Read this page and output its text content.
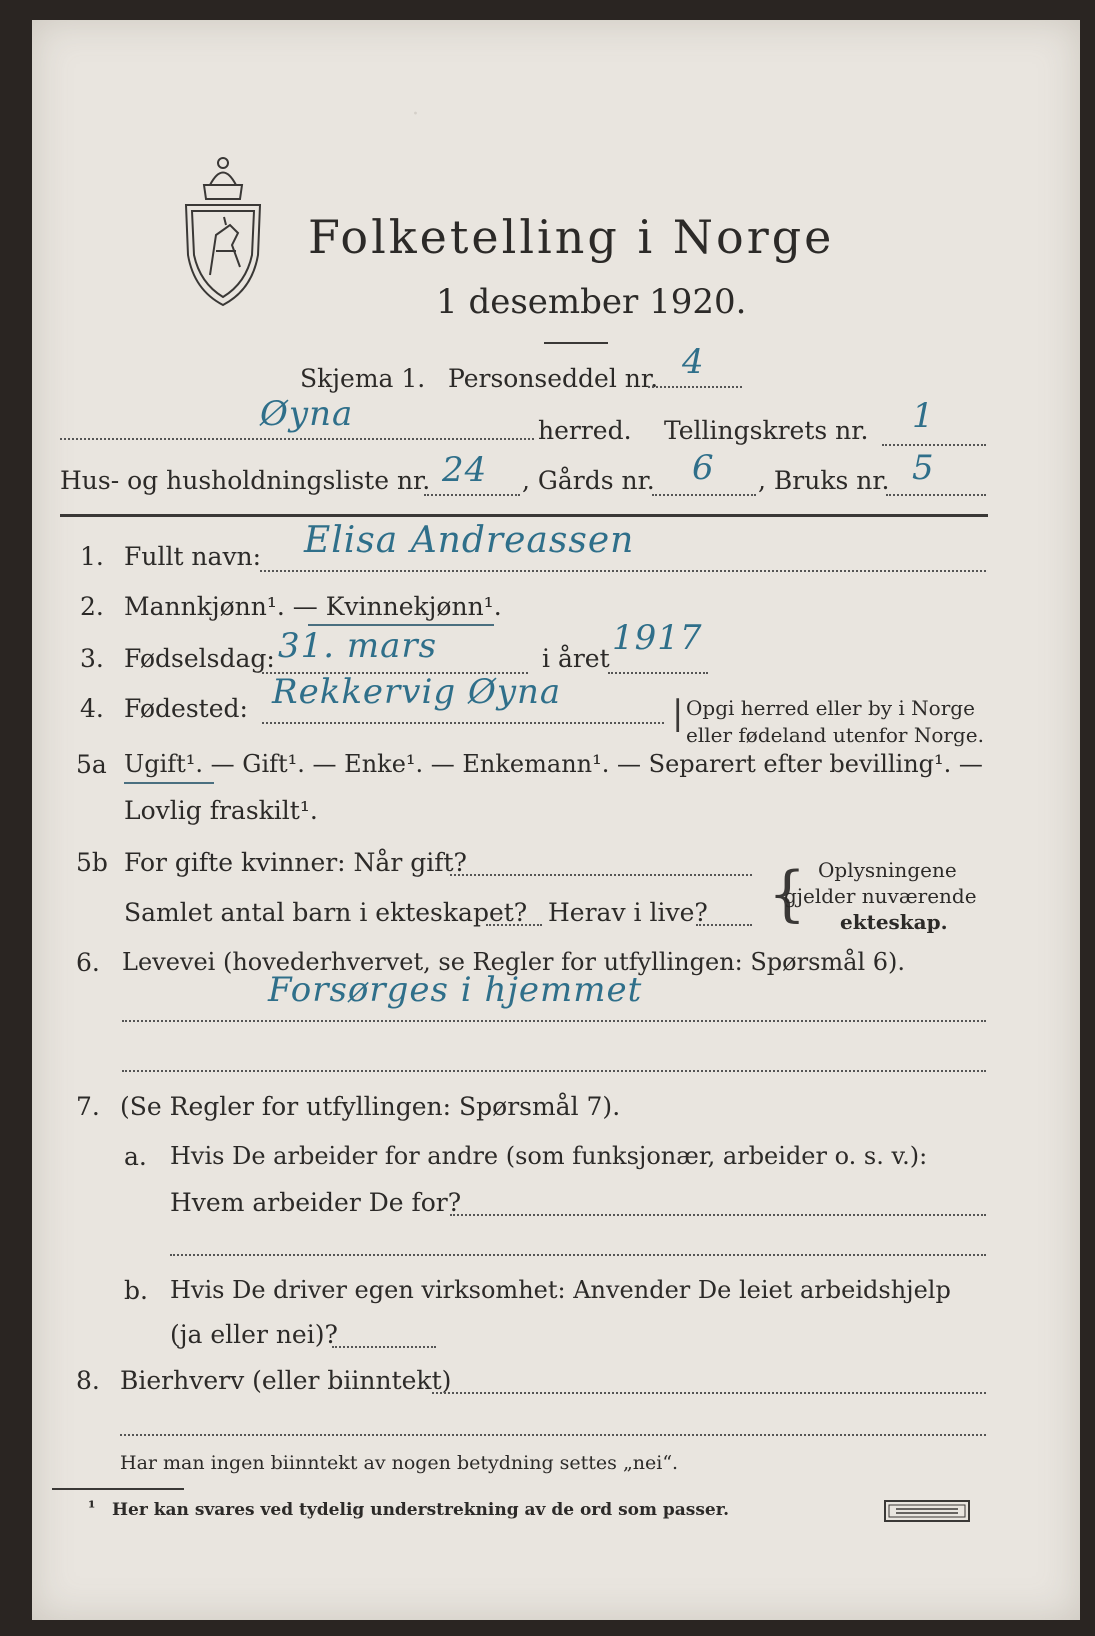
·
Folketelling i Norge
1 desember 1920.
Skjema 1. Personseddel nr. 4
Øyna	herred. Tellingskrets nr. 1
Hus- og husholdningsliste nr. 24 , Gårds nr. 6 , Bruks nr. 5
1. Fullt navn: Elisa Andreassen
2. Mannkjønn¹. — Kvinnekjønn¹.
3. Fødselsdag: 31. mars	i året
1917
4. Fødested: Rekkervig Øyna
| Opgi herred eller by i Norge
eller fødeland utenfor Norge.
5a Ugift¹. — Gift¹. — Enke¹. — Enkemann¹. — Separert efter bevilling¹. —
Lovlig fraskilt¹.
5b For gifte kvinner: Når gift?
Samlet antal barn i ekteskapet? Herav i live? { Oplysningene
gjelder nuværende
ekteskap.
6. Levevei (hovederhvervet, se Regler for utfyllingen: Spørsmål 6).
Forsørges i hjemmet
7. (Se Regler for utfyllingen: Spørsmål 7).
a. Hvis De arbeider for andre (som funksjonær, arbeider o. s. v.):
Hvem arbeider De for?
b. Hvis De driver egen virksomhet: Anvender De leiet arbeidshjelp
(ja eller nei)?
8. Bierhverv (eller biinntekt)
Har man ingen biinntekt av nogen betydning settes „nei“.
¹ Her kan svares ved tydelig understrekning av de ord som passer.
